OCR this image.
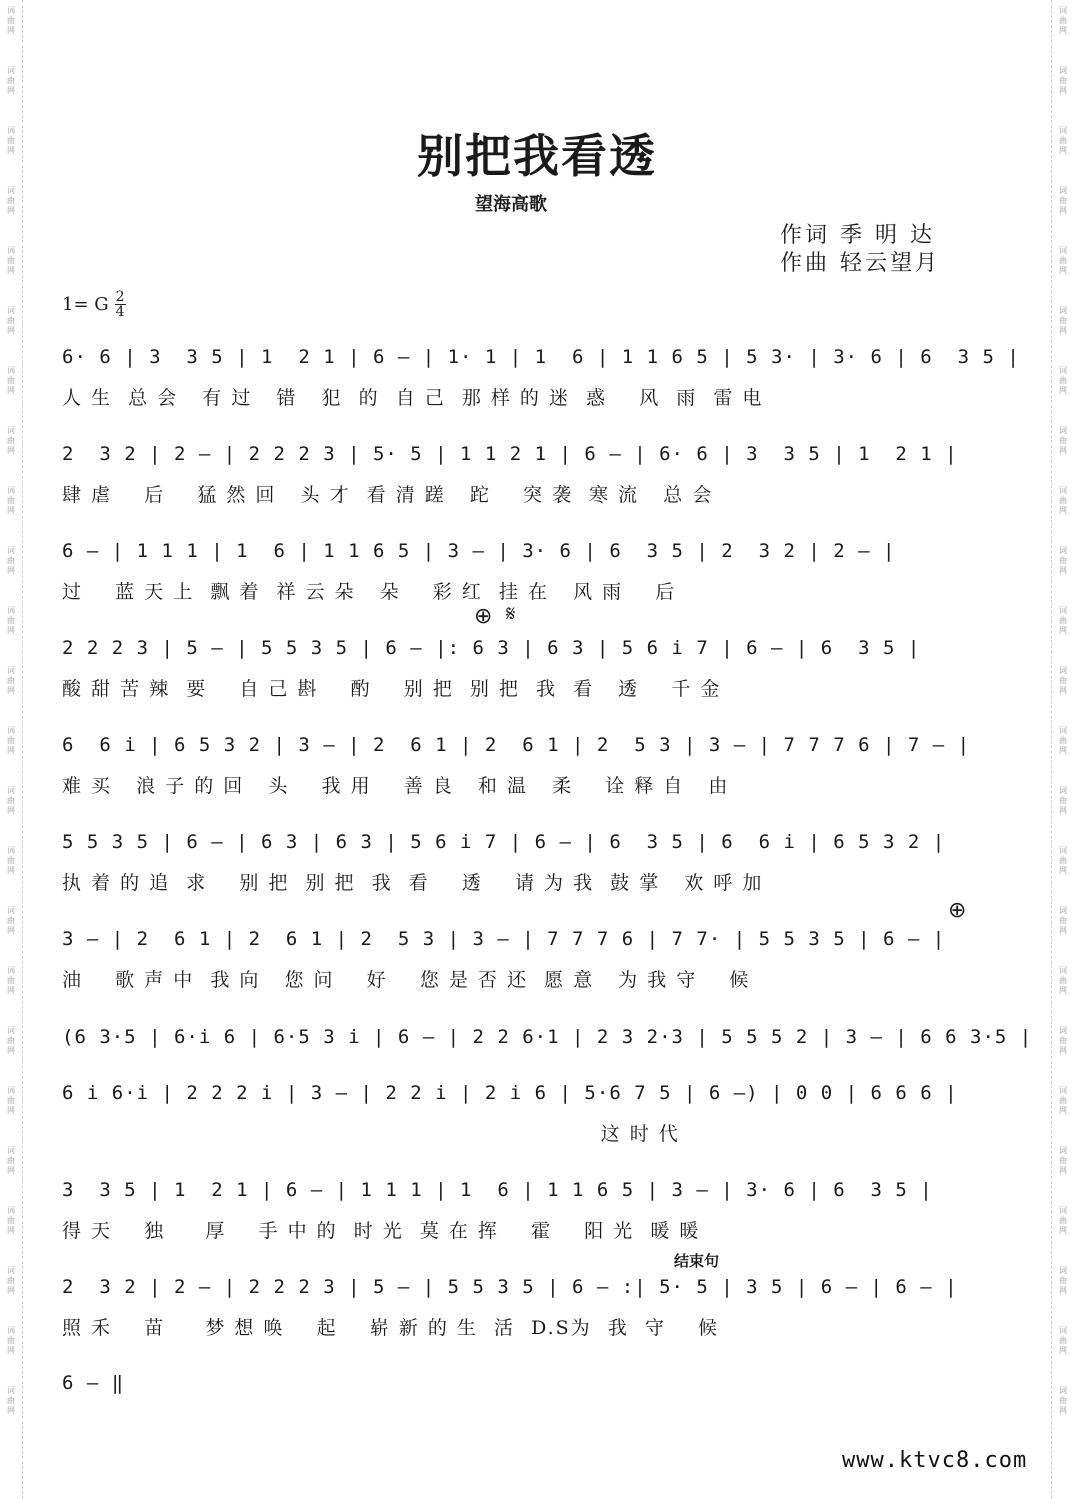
词
曲
网
词
曲
网
词
曲
网
词
曲
网
词
曲
网
词
曲
网
词
曲
网
词
曲
网
词
曲
网
词
曲
网
词
曲
网
词
曲
网
词
曲
网
词
曲
网
词
曲
网
词
曲
网
词
曲
网
词
曲
网
词
曲
网
词
曲
网
词
曲
网
词
曲
网
词
曲
网
词
曲
网
词
曲
网
词
曲
网
词
曲
网
词
曲
网
词
曲
网
词
曲
网
词
曲
网
词
曲
网
词
曲
网
词
曲
网
词
曲
网
词
曲
网
词
曲
网
词
曲
网
词
曲
网
词
曲
网
词
曲
网
词
曲
网
词
曲
网
词
曲
网
词
曲
网
词
曲
网
词
曲
网
词
曲
网
别把我看透
望海高歌
作词 季 明 达
作曲 轻云望月
1= G $\frac{2}{4}$
6· 6 | 3  3 5 | 1  2 1 | 6 — | 1· 1 | 1  6 | 1 1 6 5 | 5 3· | 3· 6 | 6  3 5 |
人 生  总 会   有 过   错   犯  的  自 己  那 样 的 迷  惑    风  雨  雷 电
2  3 2 | 2 — | 2 2 2 3 | 5· 5 | 1 1 2 1 | 6 — | 6· 6 | 3  3 5 | 1  2 1 |
肆 虐    后    猛 然 回   头 才  看 清 蹉   跎    突 袭  寒 流   总 会
6 — | 1 1 1 | 1  6 | 1 1 6 5 | 3 — | 3· 6 | 6  3 5 | 2  3 2 | 2 — |
过    蓝 天 上  飘 着  祥 云 朵   朵    彩 红  挂 在   风 雨    后
2 2 2 3 | 5 — | 5 5 3 5 | 6 — |: 6 3 | 6 3 | 5 6 i 7 | 6 — | 6  3 5 |
酸 甜 苦 辣  要    自 己 斟    酌    别 把  别 把  我  看   透    千 金
6  6 i | 6 5 3 2 | 3 — | 2  6 1 | 2  6 1 | 2  5 3 | 3 — | 7 7 7 6 | 7 — |
难 买   浪 子 的 回   头    我 用    善 良   和 温   柔    诠 释 自   由
5 5 3 5 | 6 — | 6 3 | 6 3 | 5 6 i 7 | 6 — | 6  3 5 | 6  6 i | 6 5 3 2 |
执 着 的 追  求    别 把  别 把  我  看    透    请 为 我  鼓 掌   欢 呼 加
3 — | 2  6 1 | 2  6 1 | 2  5 3 | 3 — | 7 7 7 6 | 7 7· | 5 5 3 5 | 6 — |
油    歌 声 中  我 向   您 问    好    您 是 否 还  愿 意   为 我 守    候
(6 3·5 | 6·i 6 | 6·5 3 i | 6 — | 2 2 6·1 | 2 3 2·3 | 5 5 5 2 | 3 — | 6 6 3·5 |
6 i 6·i | 2 2 2 i | 3 — | 2 2 i | 2 i 6 | 5·6 7 5 | 6 —) | 0 0 | 6 6 6 |
这 时 代
3  3 5 | 1  2 1 | 6 — | 1 1 1 | 1  6 | 1 1 6 5 | 3 — | 3· 6 | 6  3 5 |
得 天    独     厚    手 中 的  时 光  莫 在 挥    霍    阳 光  暖 暖
2  3 2 | 2 — | 2 2 2 3 | 5 — | 5 5 3 5 | 6 — :| 5· 5 | 3 5 | 6 — | 6 — |
照 禾    苗     梦 想 唤    起    崭 新 的 生  活  D.S为  我  守    候
6 — ‖
⊕ 𝄋
⊕
结束句
www.ktvc8.com
